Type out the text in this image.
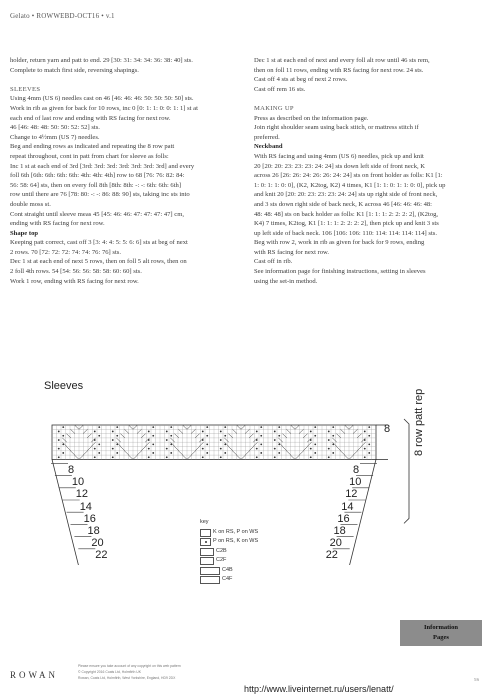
Gelato • ROWWEBD-OCT16 • v.1

holder, return yarn and patt to end. 29 [30: 31: 34: 34: 36: 38: 40] sts.

Complete to match first side, reversing shapings.

SLEEVES

Using 4mm (US 6) needles cast on 46 [46: 46: 46: 50: 50: 50: 50] sts.

Work in rib as given for back for 10 rows, inc 0 [0: 1: 1: 0: 0: 1: 1] st at

each end of last row and ending with RS facing for next row.

46 [46: 48: 48: 50: 50: 52: 52] sts.

Change to 4½mm (US 7) needles.

Beg and ending rows as indicated and repeating the 8 row patt

repeat throughout, cont in patt from chart for sleeve as folls:

Inc 1 st at each end of 3rd [3rd: 3rd: 3rd: 3rd: 3rd: 3rd: 3rd] and every

foll 6th [6th: 6th: 6th: 6th: 4th: 4th: 4th] row to 68 [76: 76: 82: 84:

56: 58: 64] sts, then on every foll 8th [8th: 8th: -: -: 6th: 6th: 6th]

row until there are 76 [78: 80: -: -: 86: 88: 90] sts, taking inc sts into

double moss st.

Cont straight until sleeve meas 45 [45: 46: 46: 47: 47: 47: 47] cm,

ending with RS facing for next row.

Shape top

Keeping patt correct, cast off 3 [3: 4: 4: 5: 5: 6: 6] sts at beg of next

2 rows. 70 [72: 72: 72: 74: 74: 76: 76] sts.

Dec 1 st at each end of next 5 rows, then on foll 5 alt rows, then on

2 foll 4th rows. 54 [54: 56: 56: 58: 58: 60: 60] sts.

Work 1 row, ending with RS facing for next row.

Dec 1 st at each end of next and every foll alt row until 46 sts rem,

then on foll 11 rows, ending with RS facing for next row. 24 sts.

Cast off 4 sts at beg of next 2 rows.

Cast off rem 16 sts.

MAKING UP

Press as described on the information page.

Join right shoulder seam using back stitch, or mattress stitch if

preferred.

Neckband

With RS facing and using 4mm (US 6) needles, pick up and knit

20 [20: 20: 23: 23: 23: 24: 24] sts down left side of front neck, K

across 26 [26: 26: 24: 26: 26: 24: 24] sts on front holder as folls: K1 [1:

1: 0: 1: 1: 0: 0], (K2, K2tog, K2) 4 times, K1 [1: 1: 0: 1: 1: 0: 0], pick up

and knit 20 [20: 20: 23: 23: 23: 24: 24] sts up right side of front neck,

and 3 sts down right side of back neck, K across 46 [46: 46: 46: 48:

48: 48: 48] sts on back holder as folls: K1 [1: 1: 1: 2: 2: 2: 2], (K2tog,

K4) 7 times, K2tog, K1 [1: 1: 1: 2: 2: 2: 2], then pick up and knit 3 sts

up left side of back neck. 106 [106: 106: 110: 114: 114: 114: 114] sts.

Beg with row 2, work in rib as given for back for 9 rows, ending

with RS facing for next row.

Cast off in rib.

See information page for finishing instructions, setting in sleeves

using the set-in method.

Sleeves
8 row patt rep
8
10
12
14
16
18
20
22
8
10
12
14
16
18
20
22
8
key
K on RS, P on WS
P on RS, K on WS
C2B
C2F
C4B
C4F
Information
Pages
ROWAN
Please ensure you take account of any copyright on this web pattern
© Copyright 2016 Coats Ltd, Holmfirth UK
Rowan, Coats Ltd, Holmfirth, West Yorkshire, England, HD9 2DX	5/6
http://www.liveinternet.ru/users/lenatt/
